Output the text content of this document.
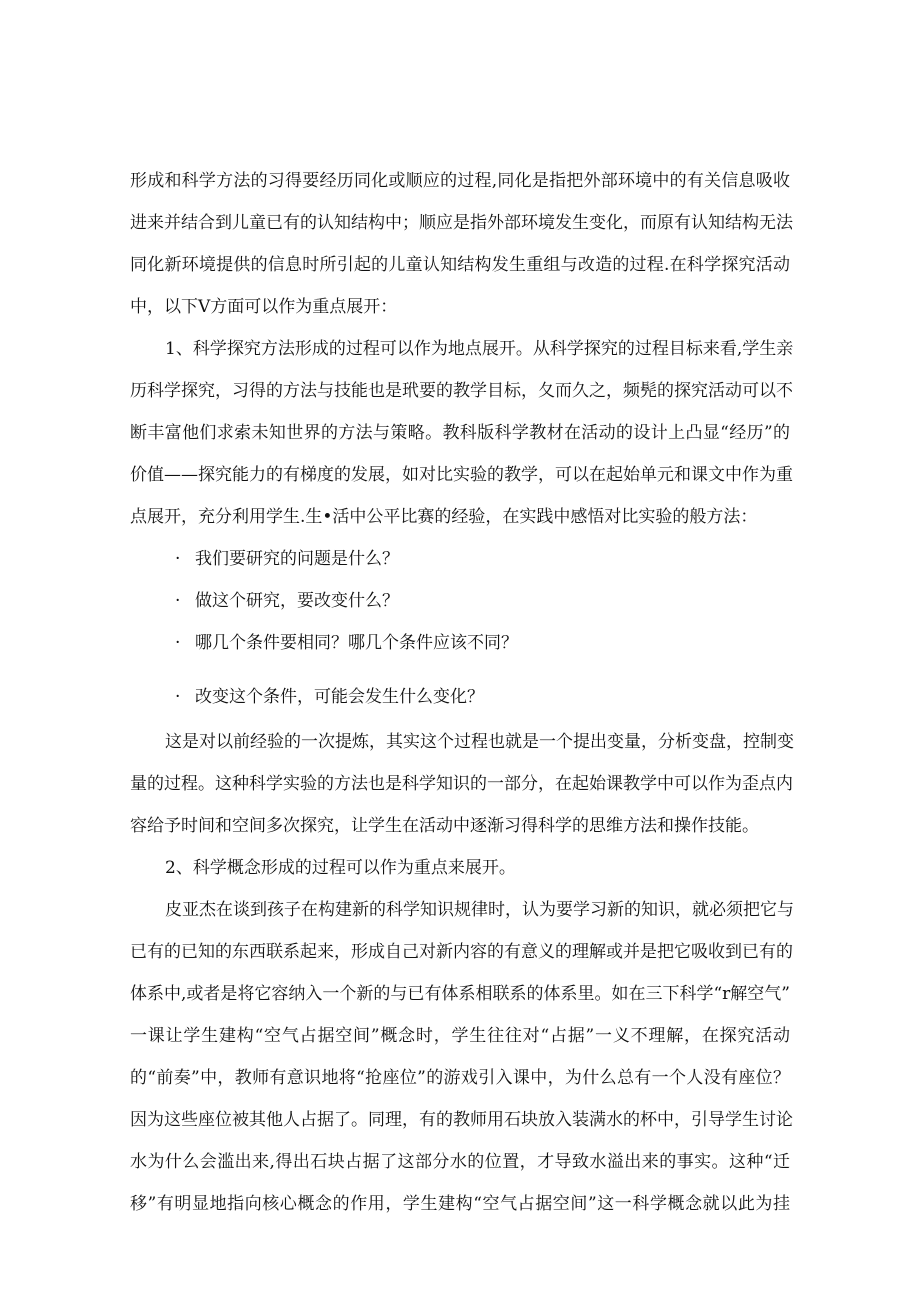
形成和科学方法的习得要经历同化或顺应的过程,同化是指把外部环境中的有关信息吸收
进来并结合到儿童已有的认知结构中；顺应是指外部环境发生变化，而原有认知结构无法
同化新环境提供的信息时所引起的儿童认知结构发生重组与改造的过程.在科学探究活动
中，以下V方面可以作为重点展开：
1、科学探究方法形成的过程可以作为地点展开。从科学探究的过程目标来看,学生亲
历科学探究，习得的方法与技能也是玳要的教学目标，夂而久之，频髡的探究活动可以不
断丰富他们求索未知世界的方法与策略。教科版科学教材在活动的设计上凸显“经历”的
价值——探究能力的有梯度的发展，如对比实验的教学，可以在起始单元和课文中作为重
点展开，充分利用学生.生•活中公平比赛的经验，在实践中感悟对比实验的般方法：
· 我们要研究的问题是什么？
· 做这个研究，要改变什么？
· 哪几个条件要相同？哪几个条件应该不同？
· 改变这个条件，可能会发生什么变化？
这是对以前经验的一次提炼，其实这个过程也就是一个提出变量，分析变盘，控制变
量的过程。这种科学实验的方法也是科学知识的一部分，在起始课教学中可以作为歪点内
容给予时间和空间多次探究，让学生在活动中逐渐习得科学的思维方法和操作技能。
2、科学概念形成的过程可以作为重点来展开。
皮亚杰在谈到孩子在构建新的科学知识规律时，认为要学习新的知识，就必须把它与
已有的已知的东西联系起来，形成自己对新内容的有意义的理解或并是把它吸收到已有的
体系中,或者是将它容纳入一个新的与已有体系相联系的体系里。如在三下科学“r解空气”
一课让学生建构“空气占据空间”概念时，学生往往对“占据”一义不理解，在探究活动
的“前奏”中，教师有意识地将“抢座位”的游戏引入课中，为什么总有一个人没有座位？
因为这些座位被其他人占据了。同理，有的教师用石块放入装满水的杯中，引导学生讨论
水为什么会滥出来,得出石块占据了这部分水的位置，才导致水溢出来的事实。这种“迁
移”有明显地指向核心概念的作用，学生建构“空气占据空间”这一科学概念就以此为挂
